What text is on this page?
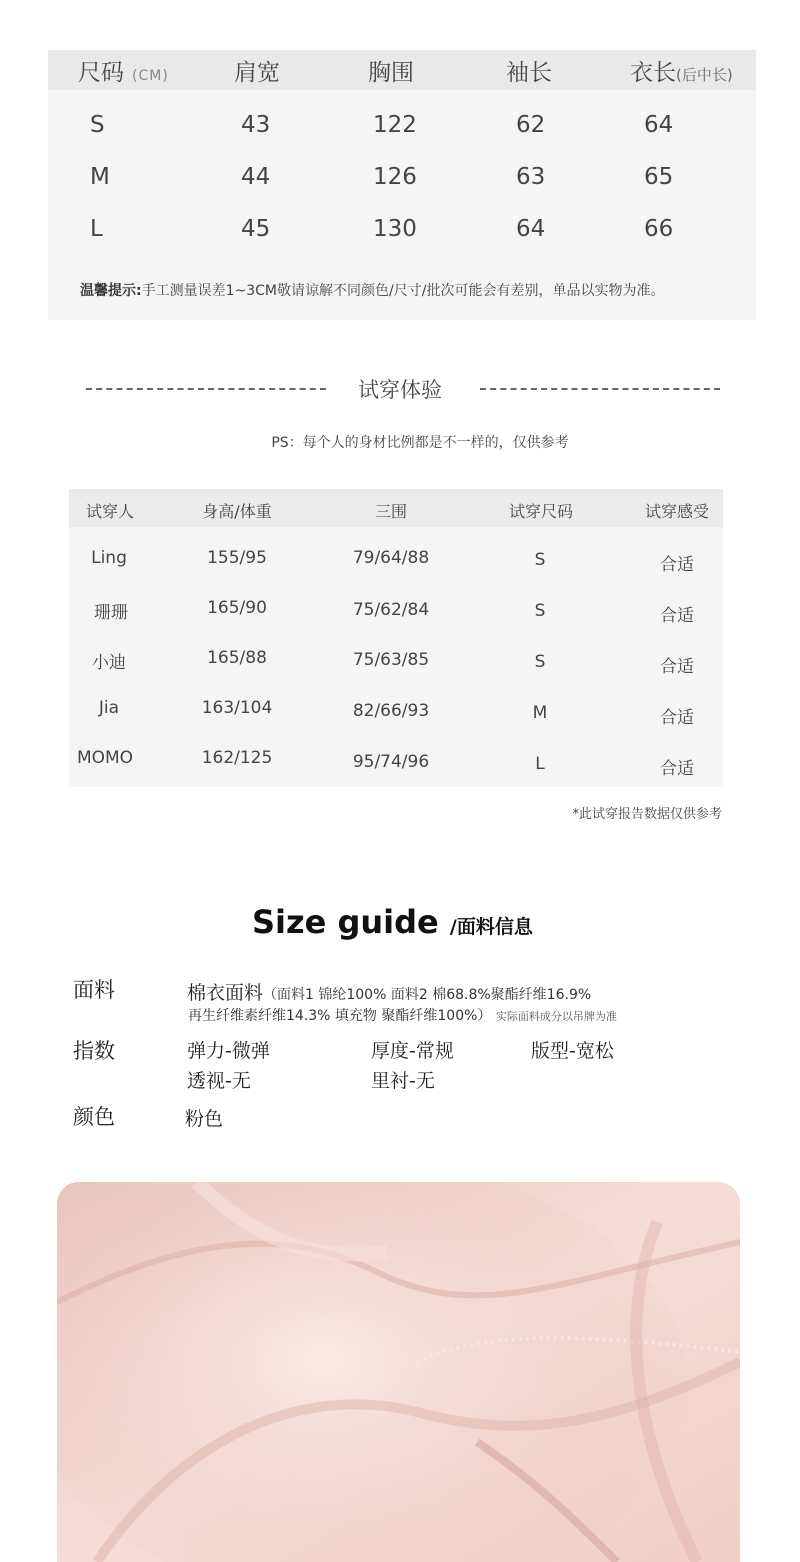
尺码 (CM)	肩宽	胸围	袖长	衣长(后中长)
S	43	122	62	64
M	44	126	63	65
L	45	130	64	66
温馨提示:手工测量误差1~3CM敬请谅解不同颜色/尺寸/批次可能会有差别，单品以实物为准。
试穿体验
PS：每个人的身材比例都是不一样的，仅供参考
试穿人	身高/体重	三围	试穿尺码	试穿感受
Ling	155/95	79/64/88	S	合适
珊珊	165/90	75/62/84	S	合适
小迪	165/88	75/63/85	S	合适
Jia	163/104	82/66/93	M	合适
MOMO	162/125	95/74/96	L	合适
*此试穿报告数据仅供参考
Size guide /面料信息
面料	棉衣面料（面料1 锦纶100% 面料2 棉68.8%聚酯纤维16.9%
再生纤维素纤维14.3% 填充物 聚酯纤维100%） 实际面料成分以吊牌为准
指数	弹力-微弹	厚度-常规	版型-宽松
透视-无	里衬-无
颜色	粉色
